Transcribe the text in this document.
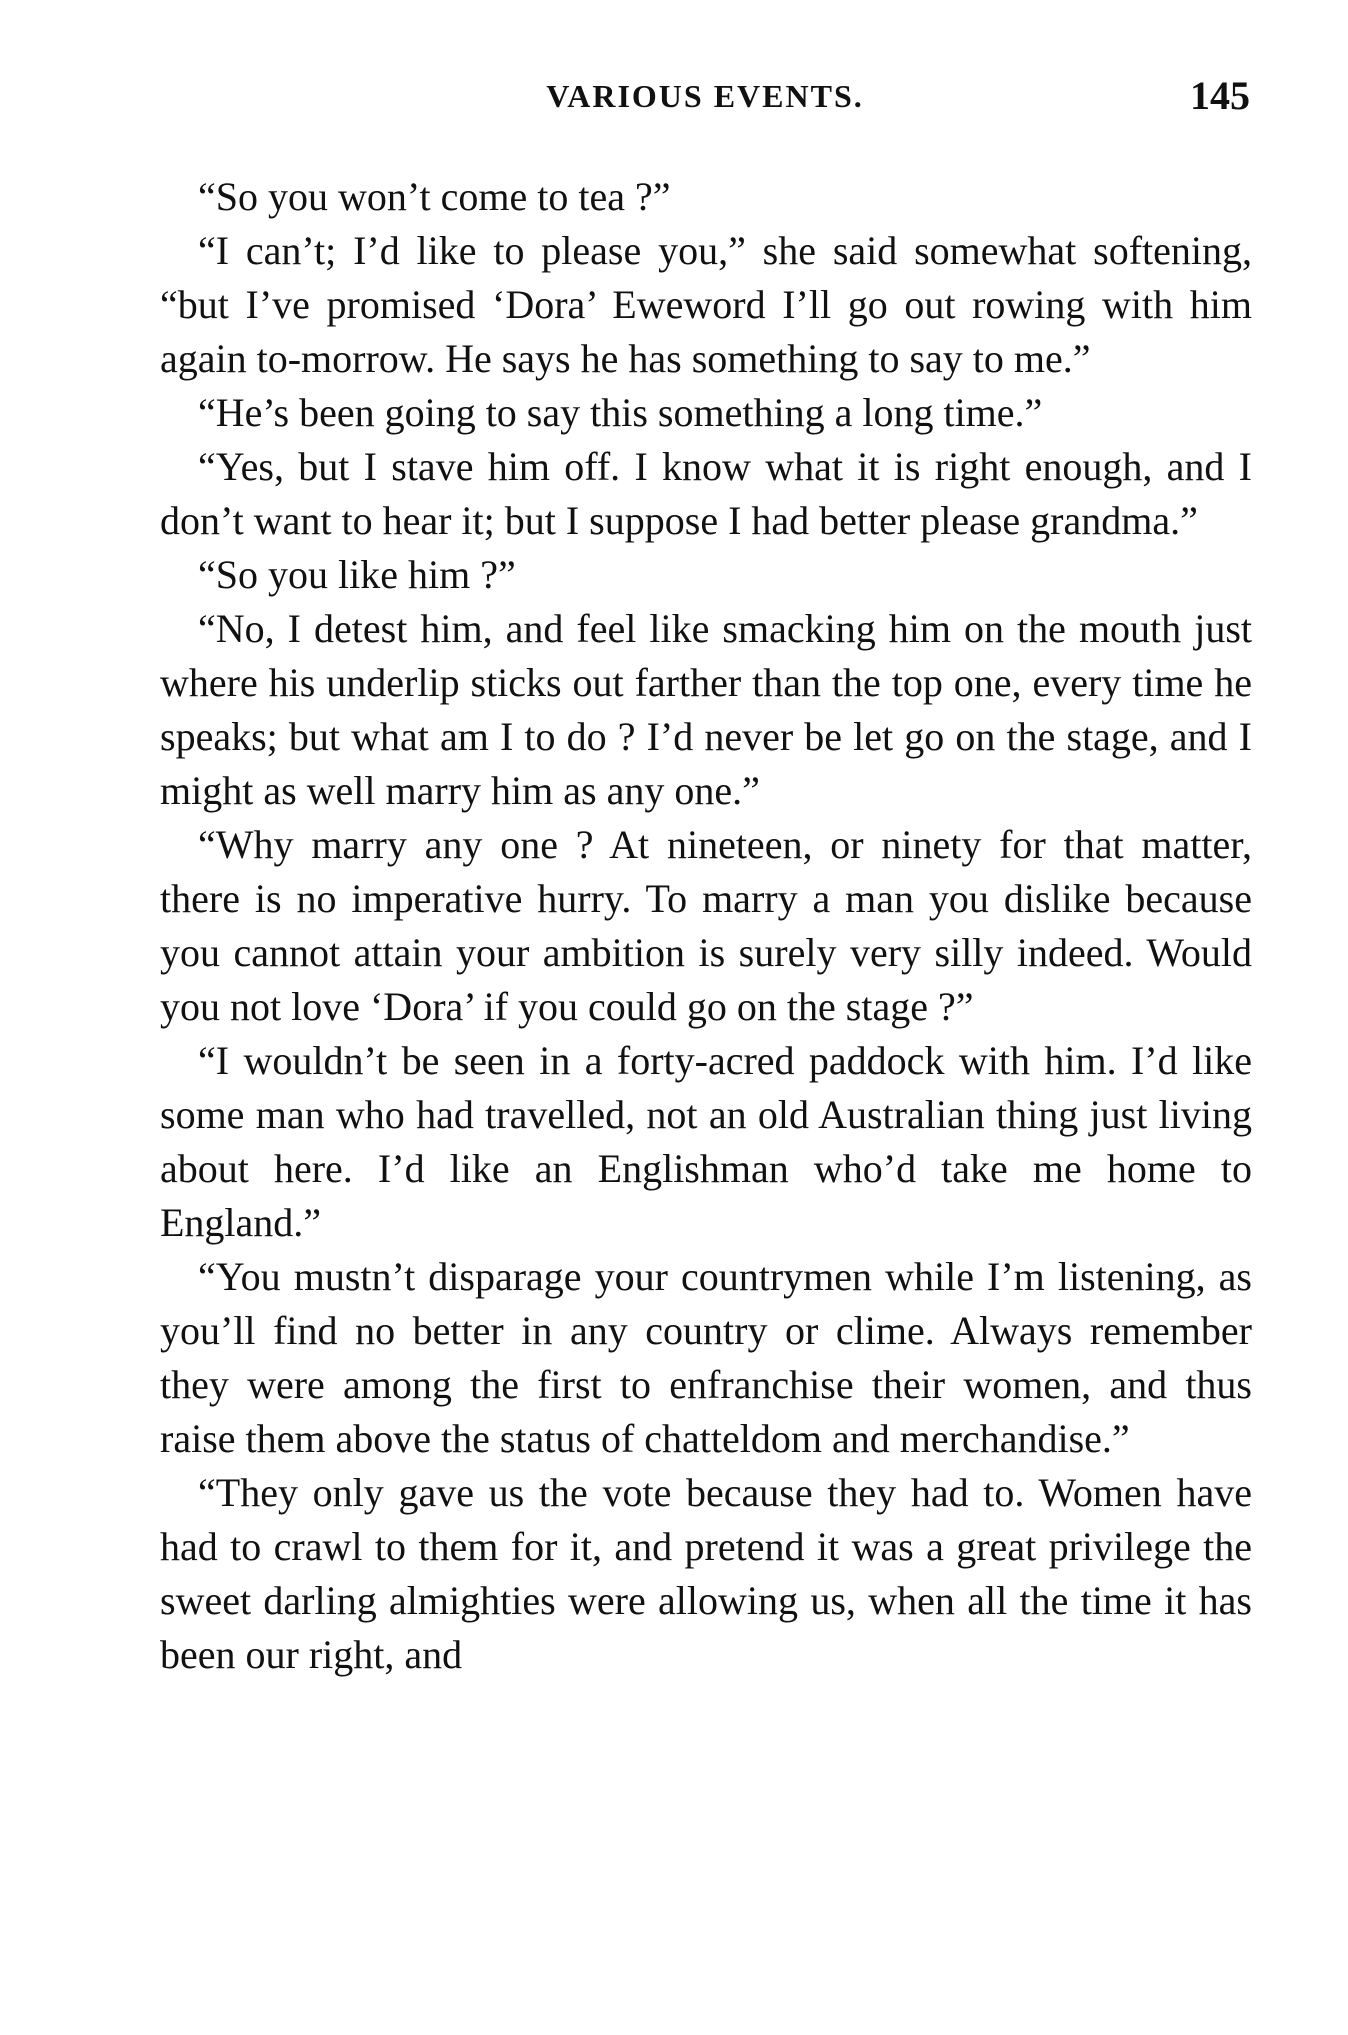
VARIOUS EVENTS.	145

“So you won’t come to tea ?”

“I can’t; I’d like to please you,” she said somewhat softening, “but I’ve promised ‘Dora’ Eweword I’ll go out rowing with him again to-morrow. He says he has something to say to me.”

“He’s been going to say this something a long time.”

“Yes, but I stave him off. I know what it is right enough, and I don’t want to hear it; but I suppose I had better please grandma.”

“So you like him ?”

“No, I detest him, and feel like smacking him on the mouth just where his underlip sticks out farther than the top one, every time he speaks; but what am I to do ? I’d never be let go on the stage, and I might as well marry him as any one.”

“Why marry any one ? At nineteen, or ninety for that matter, there is no imperative hurry. To marry a man you dislike because you cannot attain your ambition is surely very silly indeed. Would you not love ‘Dora’ if you could go on the stage ?”

“I wouldn’t be seen in a forty-acred paddock with him. I’d like some man who had travelled, not an old Australian thing just living about here. I’d like an Englishman who’d take me home to England.”

“You mustn’t disparage your countrymen while I’m listening, as you’ll find no better in any country or clime. Always remember they were among the first to enfranchise their women, and thus raise them above the status of chatteldom and merchandise.”

“They only gave us the vote because they had to. Women have had to crawl to them for it, and pretend it was a great privilege the sweet darling almighties were allowing us, when all the time it has been our right, and
